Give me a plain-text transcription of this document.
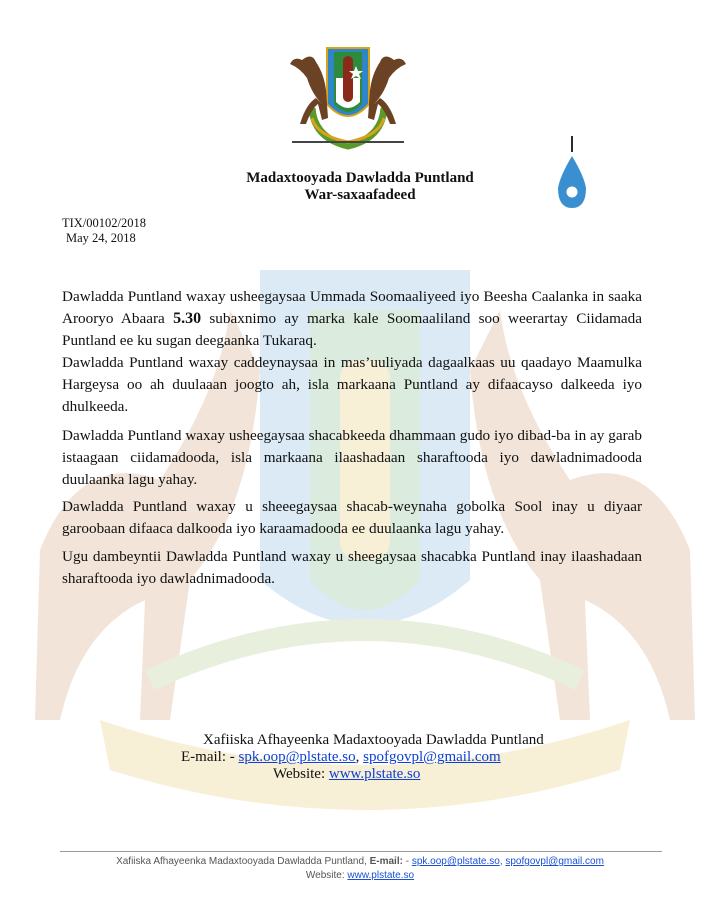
Madaxtooyada Dawladda Puntland
War-saxaafadeed
TIX/00102/2018
May 24, 2018

Dawladda Puntland waxay usheegaysaa Ummada Soomaaliyeed iyo Beesha Caalanka in saaka Arooryo Abaara 5.30 subaxnimo ay marka kale Soomaaliland soo weerartay Ciidamada Puntland ee ku sugan deegaanka Tukaraq.

Dawladda Puntland waxay caddeynaysaa in mas’uuliyada dagaalkaas uu qaadayo Maamulka Hargeysa oo ah duulaaan joogto ah, isla markaana Puntland ay difaacayso dalkeeda iyo dhulkeeda.

Dawladda Puntland waxay usheegaysaa shacabkeeda dhammaan gudo iyo dibad-ba in ay garab istaagaan ciidamadooda, isla markaana ilaashadaan sharaftooda iyo dawladnimadooda duulaanka lagu yahay.

Dawladda Puntland waxay u sheeegaysaa shacab-weynaha gobolka Sool inay u diyaar garoobaan difaaca dalkooda iyo karaamadooda ee duulaanka lagu yahay.

Ugu dambeyntii Dawladda Puntland waxay u sheegaysaa shacabka Puntland inay ilaashadaan sharaftooda iyo dawladnimadooda.

Xafiiska Afhayeenka Madaxtooyada Dawladda Puntland
E-mail: - spk.oop@plstate.so, spofgovpl@gmail.com
Website: www.plstate.so
Xafiiska Afhayeenka Madaxtooyada Dawladda Puntland, E-mail: - spk.oop@plstate.so, spofgovpl@gmail.com
Website: www.plstate.so
